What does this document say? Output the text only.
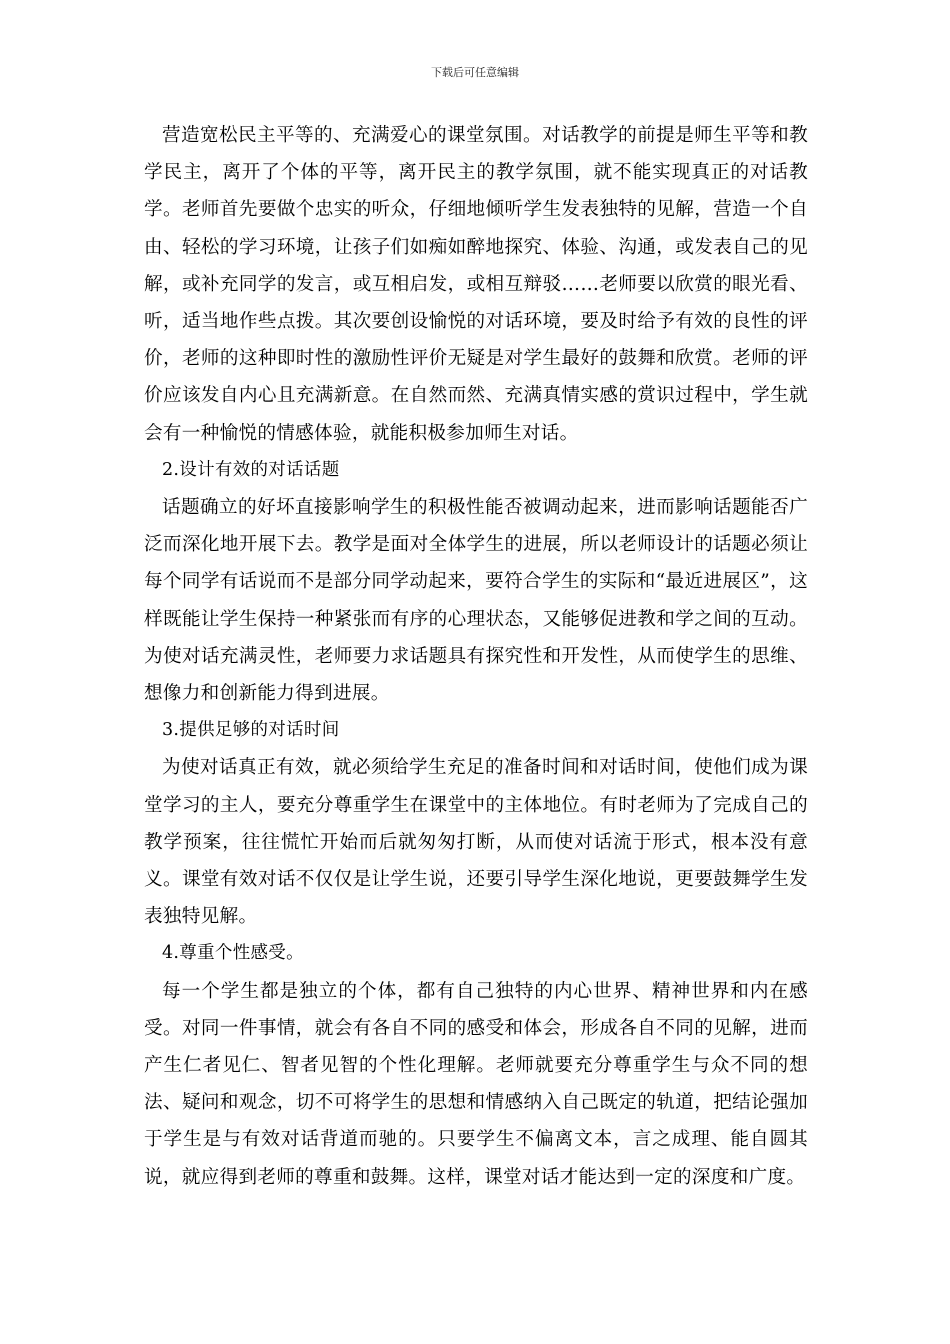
下载后可任意编辑

营造宽松民主平等的、充满爱心的课堂氛围。对话教学的前提是师生平等和教学民主，离开了个体的平等，离开民主的教学氛围，就不能实现真正的对话教学。老师首先要做个忠实的听众，仔细地倾听学生发表独特的见解，营造一个自由、轻松的学习环境，让孩子们如痴如醉地探究、体验、沟通，或发表自己的见解，或补充同学的发言，或互相启发，或相互辩驳……老师要以欣赏的眼光看、听，适当地作些点拨。其次要创设愉悦的对话环境，要及时给予有效的良性的评价，老师的这种即时性的激励性评价无疑是对学生最好的鼓舞和欣赏。老师的评价应该发自内心且充满新意。在自然而然、充满真情实感的赏识过程中，学生就会有一种愉悦的情感体验，就能积极参加师生对话。

2.设计有效的对话话题

话题确立的好坏直接影响学生的积极性能否被调动起来，进而影响话题能否广泛而深化地开展下去。教学是面对全体学生的进展，所以老师设计的话题必须让每个同学有话说而不是部分同学动起来，要符合学生的实际和“最近进展区”，这样既能让学生保持一种紧张而有序的心理状态，又能够促进教和学之间的互动。为使对话充满灵性，老师要力求话题具有探究性和开发性，从而使学生的思维、想像力和创新能力得到进展。

3.提供足够的对话时间

为使对话真正有效，就必须给学生充足的准备时间和对话时间，使他们成为课堂学习的主人，要充分尊重学生在课堂中的主体地位。有时老师为了完成自己的教学预案，往往慌忙开始而后就匆匆打断，从而使对话流于形式，根本没有意义。课堂有效对话不仅仅是让学生说，还要引导学生深化地说，更要鼓舞学生发表独特见解。

4.尊重个性感受。

每一个学生都是独立的个体，都有自己独特的内心世界、精神世界和内在感受。对同一件事情，就会有各自不同的感受和体会，形成各自不同的见解，进而产生仁者见仁、智者见智的个性化理解。老师就要充分尊重学生与众不同的想法、疑问和观念，切不可将学生的思想和情感纳入自己既定的轨道，把结论强加于学生是与有效对话背道而驰的。只要学生不偏离文本，言之成理、能自圆其说，就应得到老师的尊重和鼓舞。这样，课堂对话才能达到一定的深度和广度。
